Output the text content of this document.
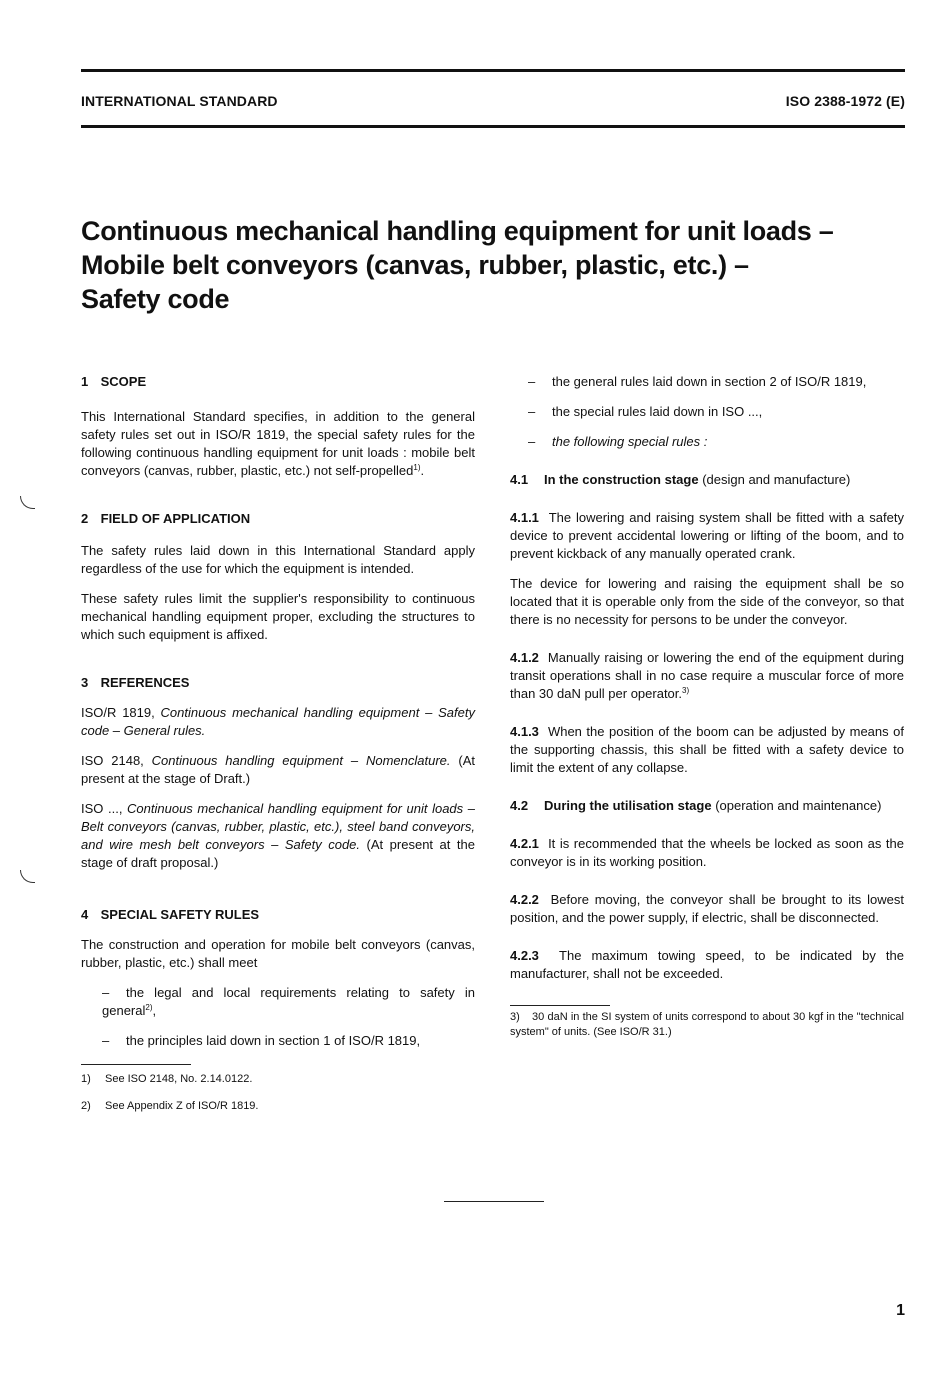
INTERNATIONAL STANDARD	ISO 2388-1972 (E)
Continuous mechanical handling equipment for unit loads –
Mobile belt conveyors (canvas, rubber, plastic, etc.) –
Safety code

1 SCOPE

This International Standard specifies, in addition to the general safety rules set out in ISO/R 1819, the special safety rules for the following continuous handling equipment for unit loads : mobile belt conveyors (canvas, rubber, plastic, etc.) not self-propelled$^{1)}$.

2 FIELD OF APPLICATION

The safety rules laid down in this International Standard apply regardless of the use for which the equipment is intended.

These safety rules limit the supplier's responsibility to continuous mechanical handling equipment proper, excluding the structures to which such equipment is affixed.

3 REFERENCES

ISO/R 1819, Continuous mechanical handling equipment – Safety code – General rules.

ISO 2148, Continuous handling equipment – Nomenclature. (At present at the stage of Draft.)

ISO ..., Continuous mechanical handling equipment for unit loads – Belt conveyors (canvas, rubber, plastic, etc.), steel band conveyors, and wire mesh belt conveyors – Safety code. (At present at the stage of draft proposal.)

4 SPECIAL SAFETY RULES

The construction and operation for mobile belt conveyors (canvas, rubber, plastic, etc.) shall meet

– the legal and local requirements relating to safety in general$^{2)}$,

– the principles laid down in section 1 of ISO/R 1819,

1) See ISO 2148, No. 2.14.0122.

2) See Appendix Z of ISO/R 1819.

– the general rules laid down in section 2 of ISO/R 1819,

– the special rules laid down in ISO ...,

– the following special rules :

4.1 In the construction stage (design and manufacture)

4.1.1 The lowering and raising system shall be fitted with a safety device to prevent accidental lowering or lifting of the boom, and to prevent kickback of any manually operated crank.

The device for lowering and raising the equipment shall be so located that it is operable only from the side of the conveyor, so that there is no necessity for persons to be under the conveyor.

4.1.2 Manually raising or lowering the end of the equipment during transit operations shall in no case require a muscular force of more than 30 daN pull per operator.$^{3)}$

4.1.3 When the position of the boom can be adjusted by means of the supporting chassis, this shall be fitted with a safety device to limit the extent of any collapse.

4.2 During the utilisation stage (operation and maintenance)

4.2.1 It is recommended that the wheels be locked as soon as the conveyor is in its working position.

4.2.2 Before moving, the conveyor shall be brought to its lowest position, and the power supply, if electric, shall be disconnected.

4.2.3 The maximum towing speed, to be indicated by the manufacturer, shall not be exceeded.

3) 30 daN in the SI system of units correspond to about 30 kgf in the "technical system" of units. (See ISO/R 31.)

1
